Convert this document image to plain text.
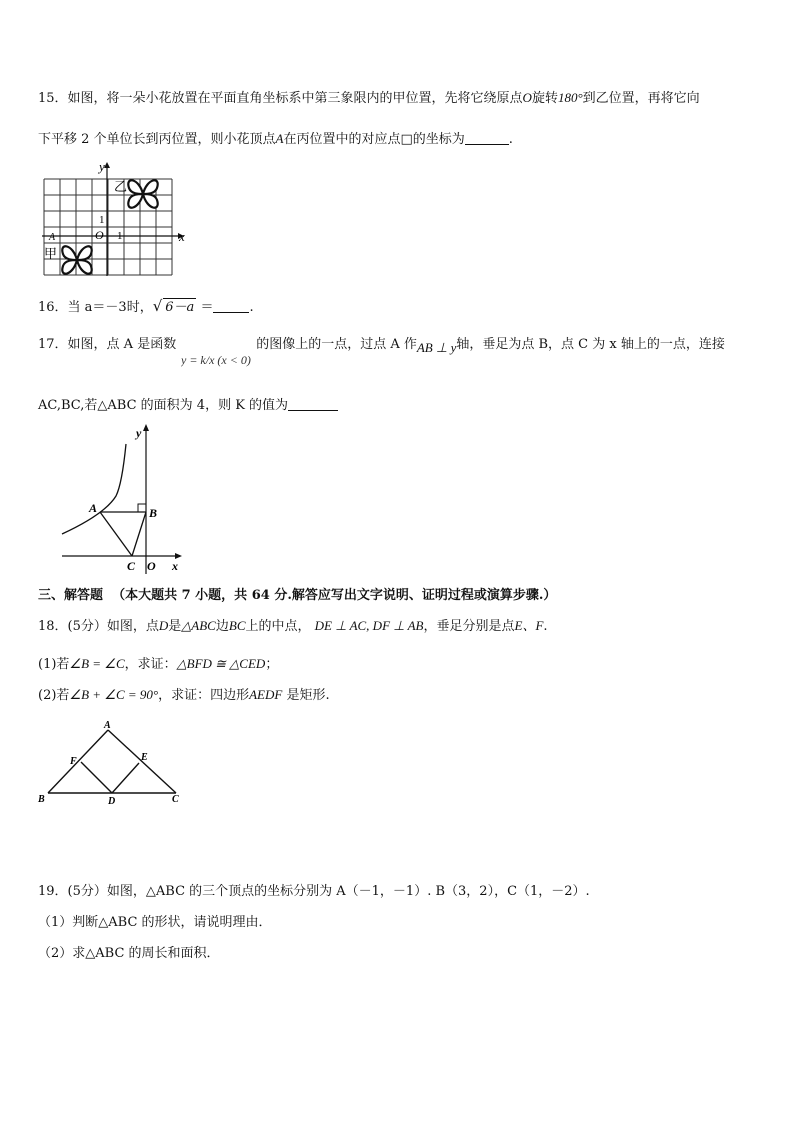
15．如图，将一朵小花放置在平面直角坐标系中第三象限内的甲位置，先将它绕原点O旋转180°到乙位置，再将它向
下平移 2 个单位长到丙位置，则小花顶点A在丙位置中的对应点□的坐标为	.
y
x
O 1
1
乙
甲
A
16．当 a＝－3时，√ 6－a ＝	.
17．如图，点 A 是函数	的图像上的一点，过点 A 作AB ⊥ y轴，垂足为点 B，点 C 为 x 轴上的一点，连接
y = k/x (x < 0)
AC,BC,若△ABC 的面积为 4，则 K 的值为
y
x
A	B
C O
三、解答题 （本大题共 7 小题，共 64 分.解答应写出文字说明、证明过程或演算步骤.）
18．(5分）如图，点D是△ABC边BC上的中点， DE ⊥ AC, DF ⊥ AB，垂足分别是点E、F.
(1)若∠B = ∠C，求证：△BFD ≅ △CED；
(2)若∠B + ∠C = 90°，求证：四边形AEDF 是矩形.
A
F	E
B	D	C
19．(5分）如图，△ABC 的三个顶点的坐标分别为 A（－1，－1）. B（3，2），C（1，－2）.
（1）判断△ABC 的形状，请说明理由．
（2）求△ABC 的周长和面积．
